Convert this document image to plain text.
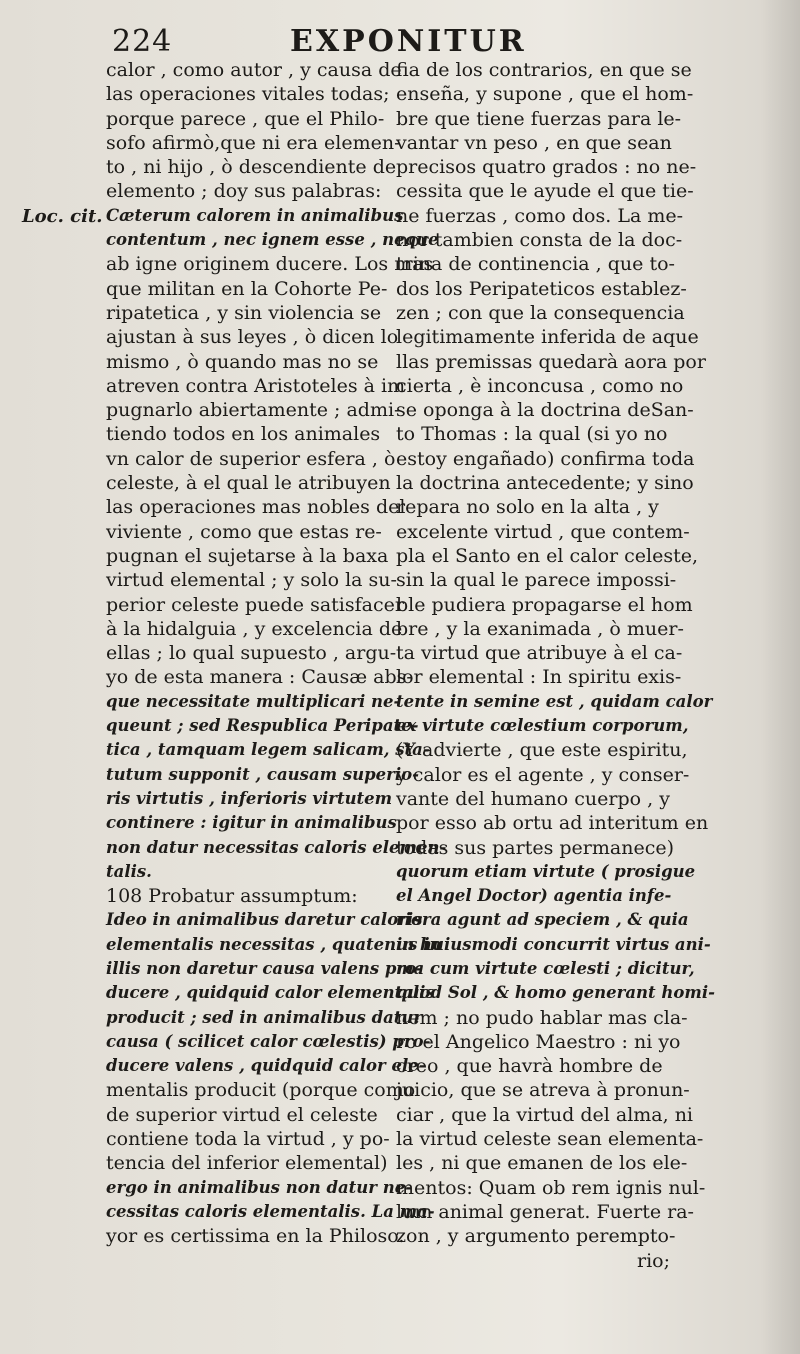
224	EXPONITUR
Loc. cit.
calor , como autor , y causa de
las operaciones vitales todas;
porque parece , que el Philo-
sofo afirmò,que ni era elemen-
to , ni hijo , ò descendiente de
elemento ; doy sus palabras:
Cæterum calorem in animalibus
contentum , nec ignem esse , neque
ab igne originem ducere. Los mas
que militan en la Cohorte Pe-
ripatetica , y sin violencia se
ajustan à sus leyes , ò dicen lo
mismo , ò quando mas no se
atreven contra Aristoteles à im
pugnarlo abiertamente ; admi-
tiendo todos en los animales
vn calor de superior esfera , ò
celeste, à el qual le atribuyen
las operaciones mas nobles del
viviente , como que estas re-
pugnan el sujetarse à la baxa
virtud elemental ; y solo la su-
perior celeste puede satisfacer
à la hidalguia , y excelencia de
ellas ; lo qual supuesto , argu-
yo de esta manera : Causæ abs-
que necessitate multiplicari ne-
queunt ; sed Respublica Peripate-
tica , tamquam legem salicam, sta-
tutum supponit , causam superio-
ris virtutis , inferioris virtutem
continere : igitur in animalibus
non datur necessitas caloris elemen-
talis.
108 Probatur assumptum:
Ideo in animalibus daretur caloris
elementalis necessitas , quatenus in
illis non daretur causa valens pro-
ducere , quidquid calor elementalis
producit ; sed in animalibus datur
causa ( scilicet calor cœlestis) pro-
ducere valens , quidquid calor ele-
mentalis producit (porque como
de superior virtud el celeste
contiene toda la virtud , y po-
tencia del inferior elemental)
ergo in animalibus non datur ne-
cessitas caloris elementalis. La ma-
yor es certissima en la Philoso.
fia de los contrarios, en que se
enseña, y supone , que el hom-
bre que tiene fuerzas para le-
vantar vn peso , en que sean
precisos quatro grados : no ne-
cessita que le ayude el que tie-
ne fuerzas , como dos. La me-
nor tambien consta de la doc-
trina de continencia , que to-
dos los Peripateticos establez-
zen ; con que la consequencia
legitimamente inferida de aque
llas premissas quedarà aora por
cierta , è inconcusa , como no
se oponga à la doctrina deSan-
to Thomas : la qual (si yo no
estoy engañado) confirma toda
la doctrina antecedente; y sino
repara no solo en la alta , y
excelente virtud , que contem-
pla el Santo en el calor celeste,
sin la qual le parece impossi-
ble pudiera propagarse el hom
bre , y la exanimada , ò muer-
ta virtud que atribuye à el ca-
lor elemental : In spiritu exis-
tente in semine est , quidam calor
ex virtute cœlestium corporum,
(Y advierte , que este espiritu,
y calor es el agente , y conser-
vante del humano cuerpo , y
por esso ab ortu ad interitum en
todas sus partes permanece)
quorum etiam virtute ( prosigue
el Angel Doctor) agentia infe-
riora agunt ad speciem , & quia
in huiusmodi concurrit virtus ani-
ma cum virtute cœlesti ; dicitur,
quod Sol , & homo generant homi-
nem ; no pudo hablar mas cla-
ro el Angelico Maestro : ni yo
creo , que havrà hombre de
juicio, que se atreva à pronun-
ciar , que la virtud del alma, ni
la virtud celeste sean elementa-
les , ni que emanen de los ele-
mentos: Quam ob rem ignis nul-
lum animal generat. Fuerte ra-
zon , y argumento perempto-
rio;
